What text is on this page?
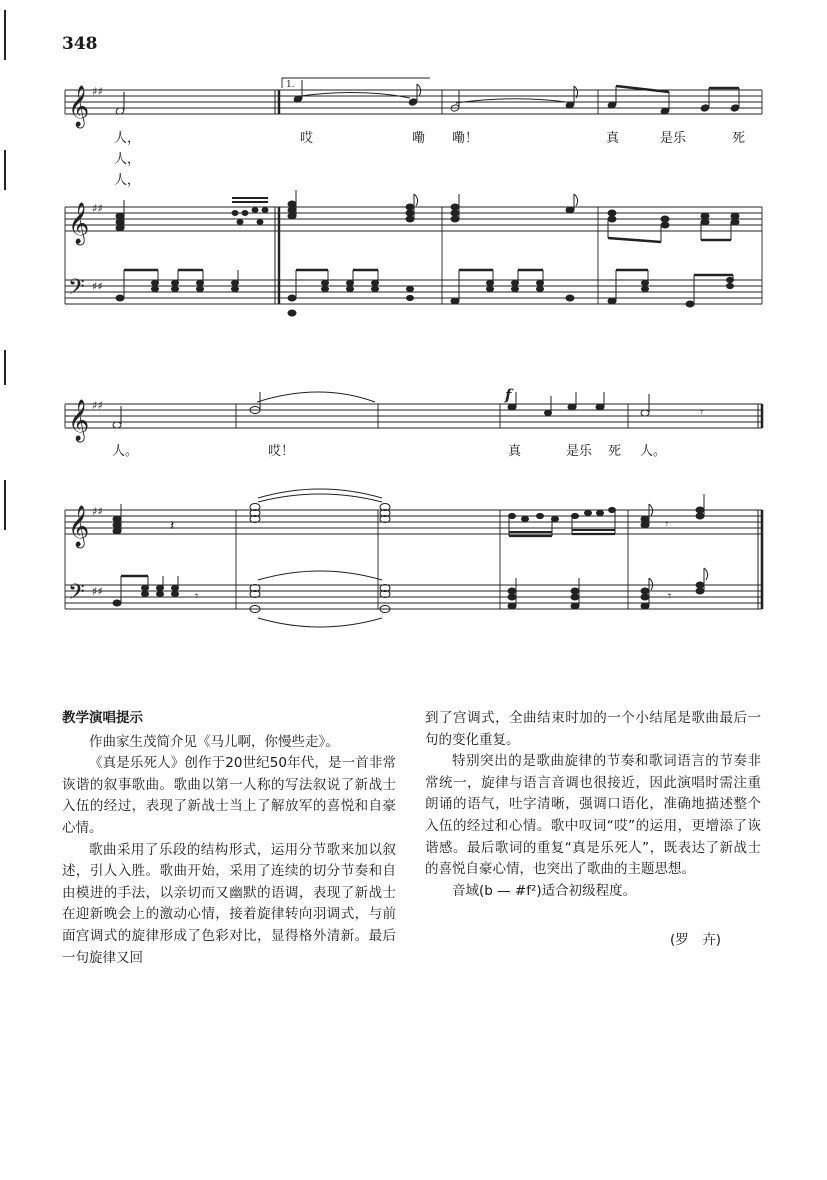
348
1.
𝄞
𝄞
𝄢
♯♯
♯♯
♯♯
人，	哎	嘞 嘞！	真	是乐	死
人，
人，
𝄞
𝄞
𝄢
♯♯
♯♯
♯♯
f
𝄾
人。	哎！	真	是乐 死 人。
𝄽	𝄾
𝄾	𝄾
教学演唱提示

作曲家生茂简介见《马儿啊，你慢些走》。

《真是乐死人》创作于20世纪50年代，是一首非常诙谐的叙事歌曲。歌曲以第一人称的写法叙说了新战士入伍的经过，表现了新战士当上了解放军的喜悦和自豪心情。

歌曲采用了乐段的结构形式，运用分节歌来加以叙述，引人入胜。歌曲开始，采用了连续的切分节奏和自由模进的手法，以亲切而又幽默的语调，表现了新战士在迎新晚会上的激动心情，接着旋律转向羽调式，与前面宫调式的旋律形成了色彩对比，显得格外清新。最后一句旋律又回

到了宫调式，全曲结束时加的一个小结尾是歌曲最后一句的变化重复。

特别突出的是歌曲旋律的节奏和歌词语言的节奏非常统一，旋律与语言音调也很接近，因此演唱时需注重朗诵的语气，吐字清晰，强调口语化，准确地描述整个入伍的经过和心情。歌中叹词“哎”的运用，更增添了诙谐感。最后歌词的重复“真是乐死人”，既表达了新战士的喜悦自豪心情，也突出了歌曲的主题思想。

音域(b — #f²)适合初级程度。

(罗　卉)
